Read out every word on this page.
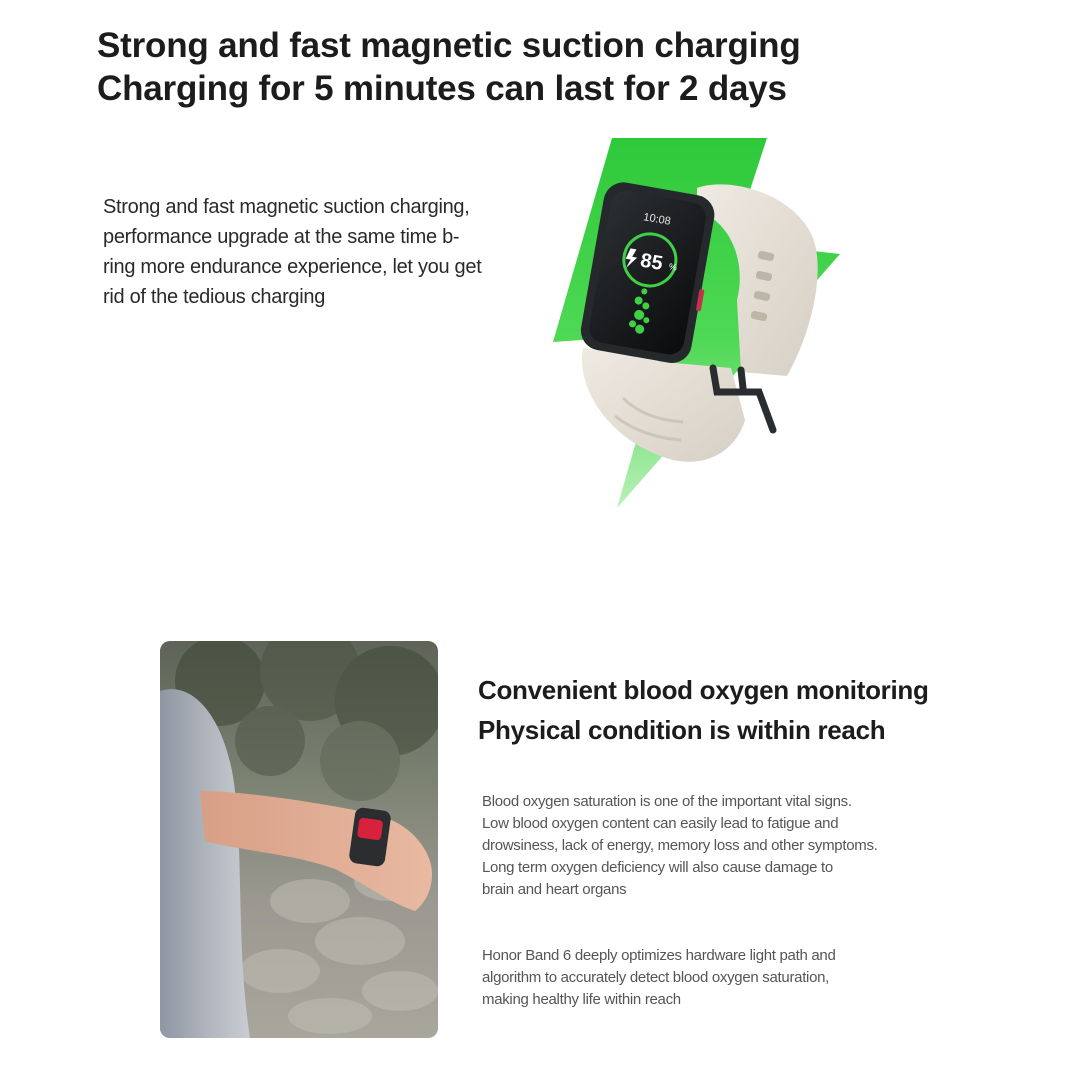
Strong and fast magnetic suction charging
Charging for 5 minutes can last for 2 days

Strong and fast magnetic suction charging,
performance upgrade at the same time b-
ring more endurance experience, let you get
rid of the tedious charging

10:08
85 %
Convenient blood oxygen monitoring
Physical condition is within reach

Blood oxygen saturation is one of the important vital signs.
Low blood oxygen content can easily lead to fatigue and
drowsiness, lack of energy, memory loss and other symptoms.
Long term oxygen deficiency will also cause damage to
brain and heart organs

Honor Band 6 deeply optimizes hardware light path and
algorithm to accurately detect blood oxygen saturation,
making healthy life within reach
